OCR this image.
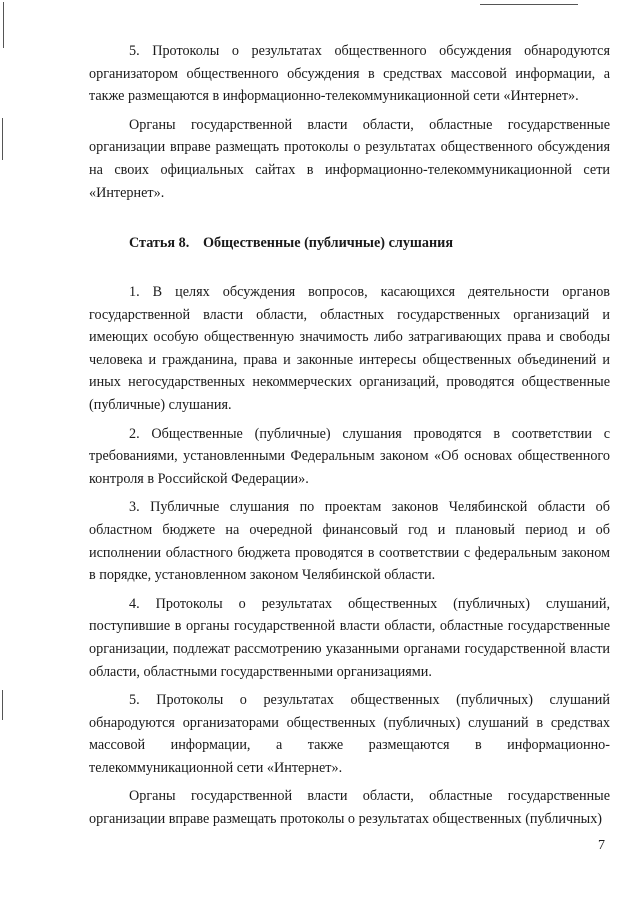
5. Протоколы о результатах общественного обсуждения обнародуются организатором общественного обсуждения в средствах массовой информации, а также размещаются в информационно-телекоммуникационной сети «Интернет».

Органы государственной власти области, областные государственные организации вправе размещать протоколы о результатах общественного обсуждения на своих официальных сайтах в информационно-телекоммуникационной сети «Интернет».

Статья 8. Общественные (публичные) слушания

1. В целях обсуждения вопросов, касающихся деятельности органов государственной власти области, областных государственных организаций и имеющих особую общественную значимость либо затрагивающих права и свободы человека и гражданина, права и законные интересы общественных объединений и иных негосударственных некоммерческих организаций, проводятся общественные (публичные) слушания.

2. Общественные (публичные) слушания проводятся в соответствии с требованиями, установленными Федеральным законом «Об основах общественного контроля в Российской Федерации».

3. Публичные слушания по проектам законов Челябинской области об областном бюджете на очередной финансовый год и плановый период и об исполнении областного бюджета проводятся в соответствии с федеральным законом в порядке, установленном законом Челябинской области.

4. Протоколы о результатах общественных (публичных) слушаний, поступившие в органы государственной власти области, областные государственные организации, подлежат рассмотрению указанными органами государственной власти области, областными государственными организациями.

5. Протоколы о результатах общественных (публичных) слушаний обнародуются организаторами общественных (публичных) слушаний в средствах массовой информации, а также размещаются в информационно-телекоммуникационной сети «Интернет».

Органы государственной власти области, областные государственные организации вправе размещать протоколы о результатах общественных (публичных)

7
